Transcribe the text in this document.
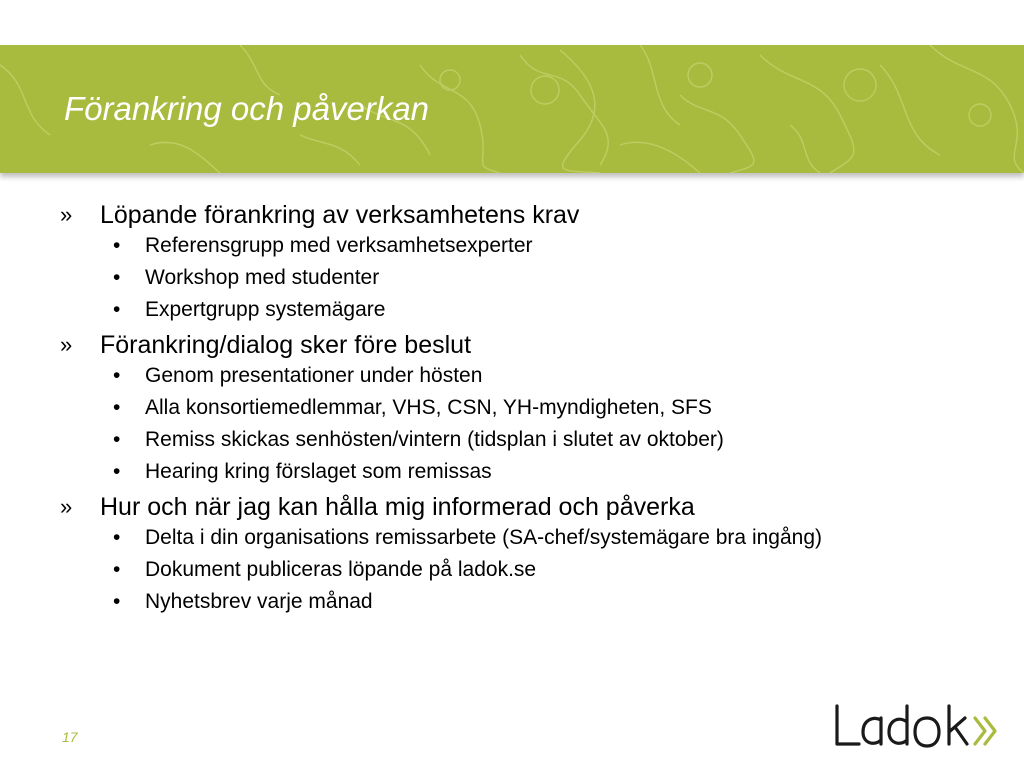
Förankring och påverkan
»	Löpande förankring av verksamhetens krav
• Referensgrupp med verksamhetsexperter
• Workshop med studenter
• Expertgrupp systemägare
»	Förankring/dialog sker före beslut
• Genom presentationer under hösten
• Alla konsortiemedlemmar, VHS, CSN, YH-myndigheten, SFS
• Remiss skickas senhösten/vintern (tidsplan i slutet av oktober)
• Hearing kring förslaget som remissas
»	Hur och när jag kan hålla mig informerad och påverka
• Delta i din organisations remissarbete (SA-chef/systemägare bra ingång)
• Dokument publiceras löpande på ladok.se
• Nyhetsbrev varje månad
17
